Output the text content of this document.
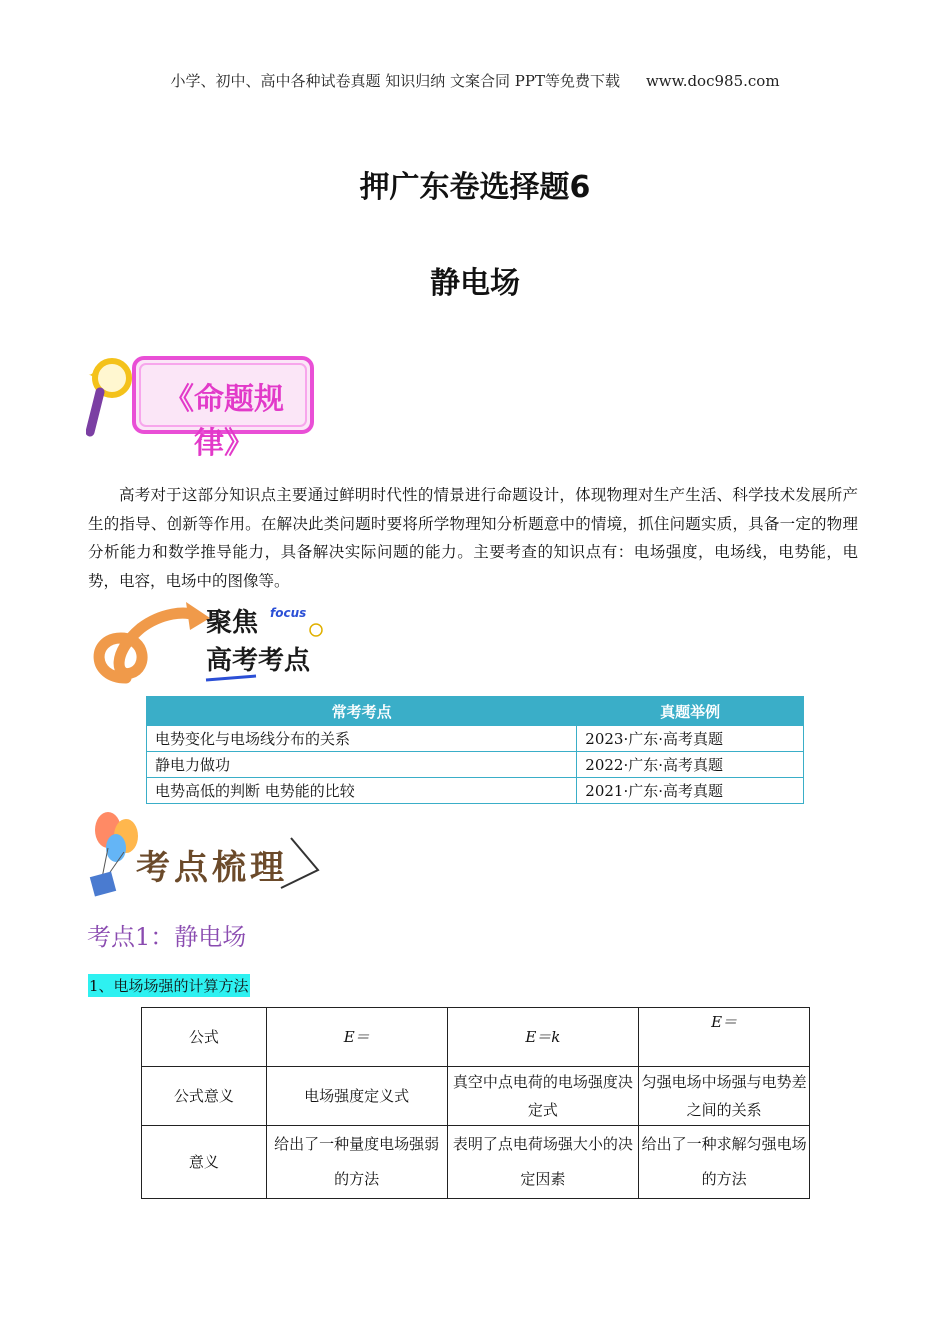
小学、初中、高中各种试卷真题 知识归纳 文案合同 PPT等免费下载 www.doc985.com
押广东卷选择题6
静电场
✦
《命题规律》
高考对于这部分知识点主要通过鲜明时代性的情景进行命题设计，体现物理对生产生活、科学技术发展所产生的指导、创新等作用。在解决此类问题时要将所学物理知分析题意中的情境，抓住问题实质，具备一定的物理分析能力和数学推导能力，具备解决实际问题的能力。主要考查的知识点有：电场强度，电场线，电势能，电势，电容，电场中的图像等。
聚焦 focus
高考考点
常考考点	真题举例
电势变化与电场线分布的关系	2023·广东·高考真题
静电力做功	2022·广东·高考真题
电势高低的判断 电势能的比较	2021·广东·高考真题
考点梳理
考点1：静电场
1、电场场强的计算方法
公式	E＝	E＝k	E＝
公式意义	电场强度定义式	真空中点电荷的电场强度决定式	匀强电场中场强与电势差之间的关系
意义	给出了一种量度电场强弱的方法	表明了点电荷场强大小的决定因素	给出了一种求解匀强电场的方法
